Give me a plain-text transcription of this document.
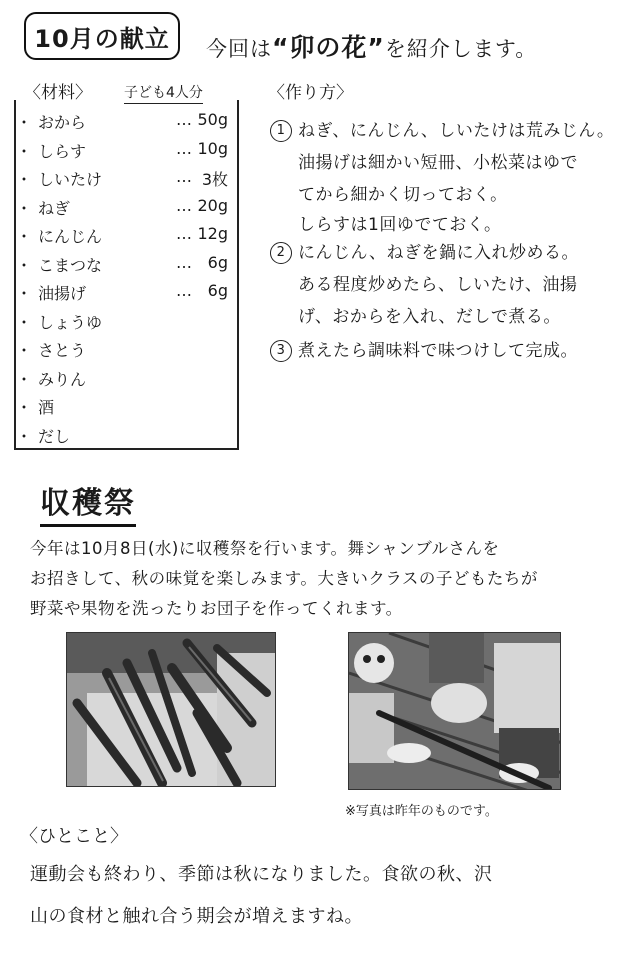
10月の献立 今回は“卯の花”を紹介します。
〈材料〉 子ども4人分
・ おから	… 50g
・ しらす	… 10g
・ しいたけ	… 3枚
・ ねぎ	… 20g
・ にんじん	… 12g
・ こまつな	… 6g
・ 油揚げ	… 6g
・ しょうゆ
・ さとう
・ みりん
・ 酒
・ だし
〈作り方〉
1 ねぎ、にんじん、しいたけは荒みじん。
油揚げは細かい短冊、小松菜はゆで
てから細かく切っておく。
しらすは1回ゆでておく。
2 にんじん、ねぎを鍋に入れ炒める。
ある程度炒めたら、しいたけ、油揚
げ、おからを入れ、だしで煮る。
3 煮えたら調味料で味つけして完成。
収穫祭
今年は10月8日(水)に収穫祭を行います。舞シャンブルさんを
お招きして、秋の味覚を楽しみます。大きいクラスの子どもたちが
野菜や果物を洗ったりお団子を作ってくれます。
※写真は昨年のものです。
〈ひとこと〉
運動会も終わり、季節は秋になりました。食欲の秋、沢
山の食材と触れ合う期会が増えますね。
